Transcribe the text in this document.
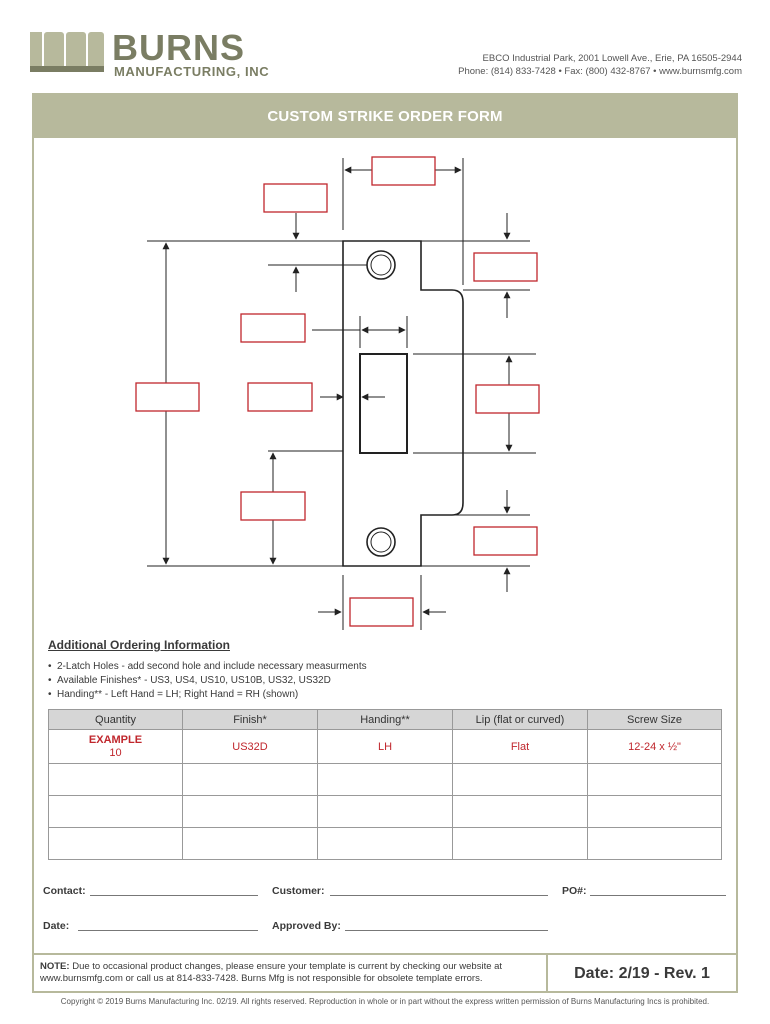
BURNS
MANUFACTURING, INC
EBCO Industrial Park, 2001 Lowell Ave., Erie, PA 16505-2944
Phone: (814) 833-7428 • Fax: (800) 432-8767 • www.burnsmfg.com
CUSTOM STRIKE ORDER FORM
Additional Ordering Information
• 2-Latch Holes - add second hole and include necessary measurments
• Available Finishes* - US3, US4, US10, US10B, US32, US32D
• Handing** - Left Hand = LH; Right Hand = RH (shown)
Quantity	Finish*	Handing**	Lip (flat or curved)	Screw Size

EXAMPLE
10	US32D	LH	Flat	12-24 x ½"

Contact:	Customer:	PO#:
Date:	Approved By:
NOTE: Due to occasional product changes, please ensure your template is current by checking our website at www.burnsmfg.com or call us at 814-833-7428. Burns Mfg is not responsible for obsolete template errors.	Date: 2/19 - Rev. 1
Copyright © 2019 Burns Manufacturing Inc. 02/19. All rights reserved. Reproduction in whole or in part without the express written permission of Burns Manufacturing Incs is prohibited.
